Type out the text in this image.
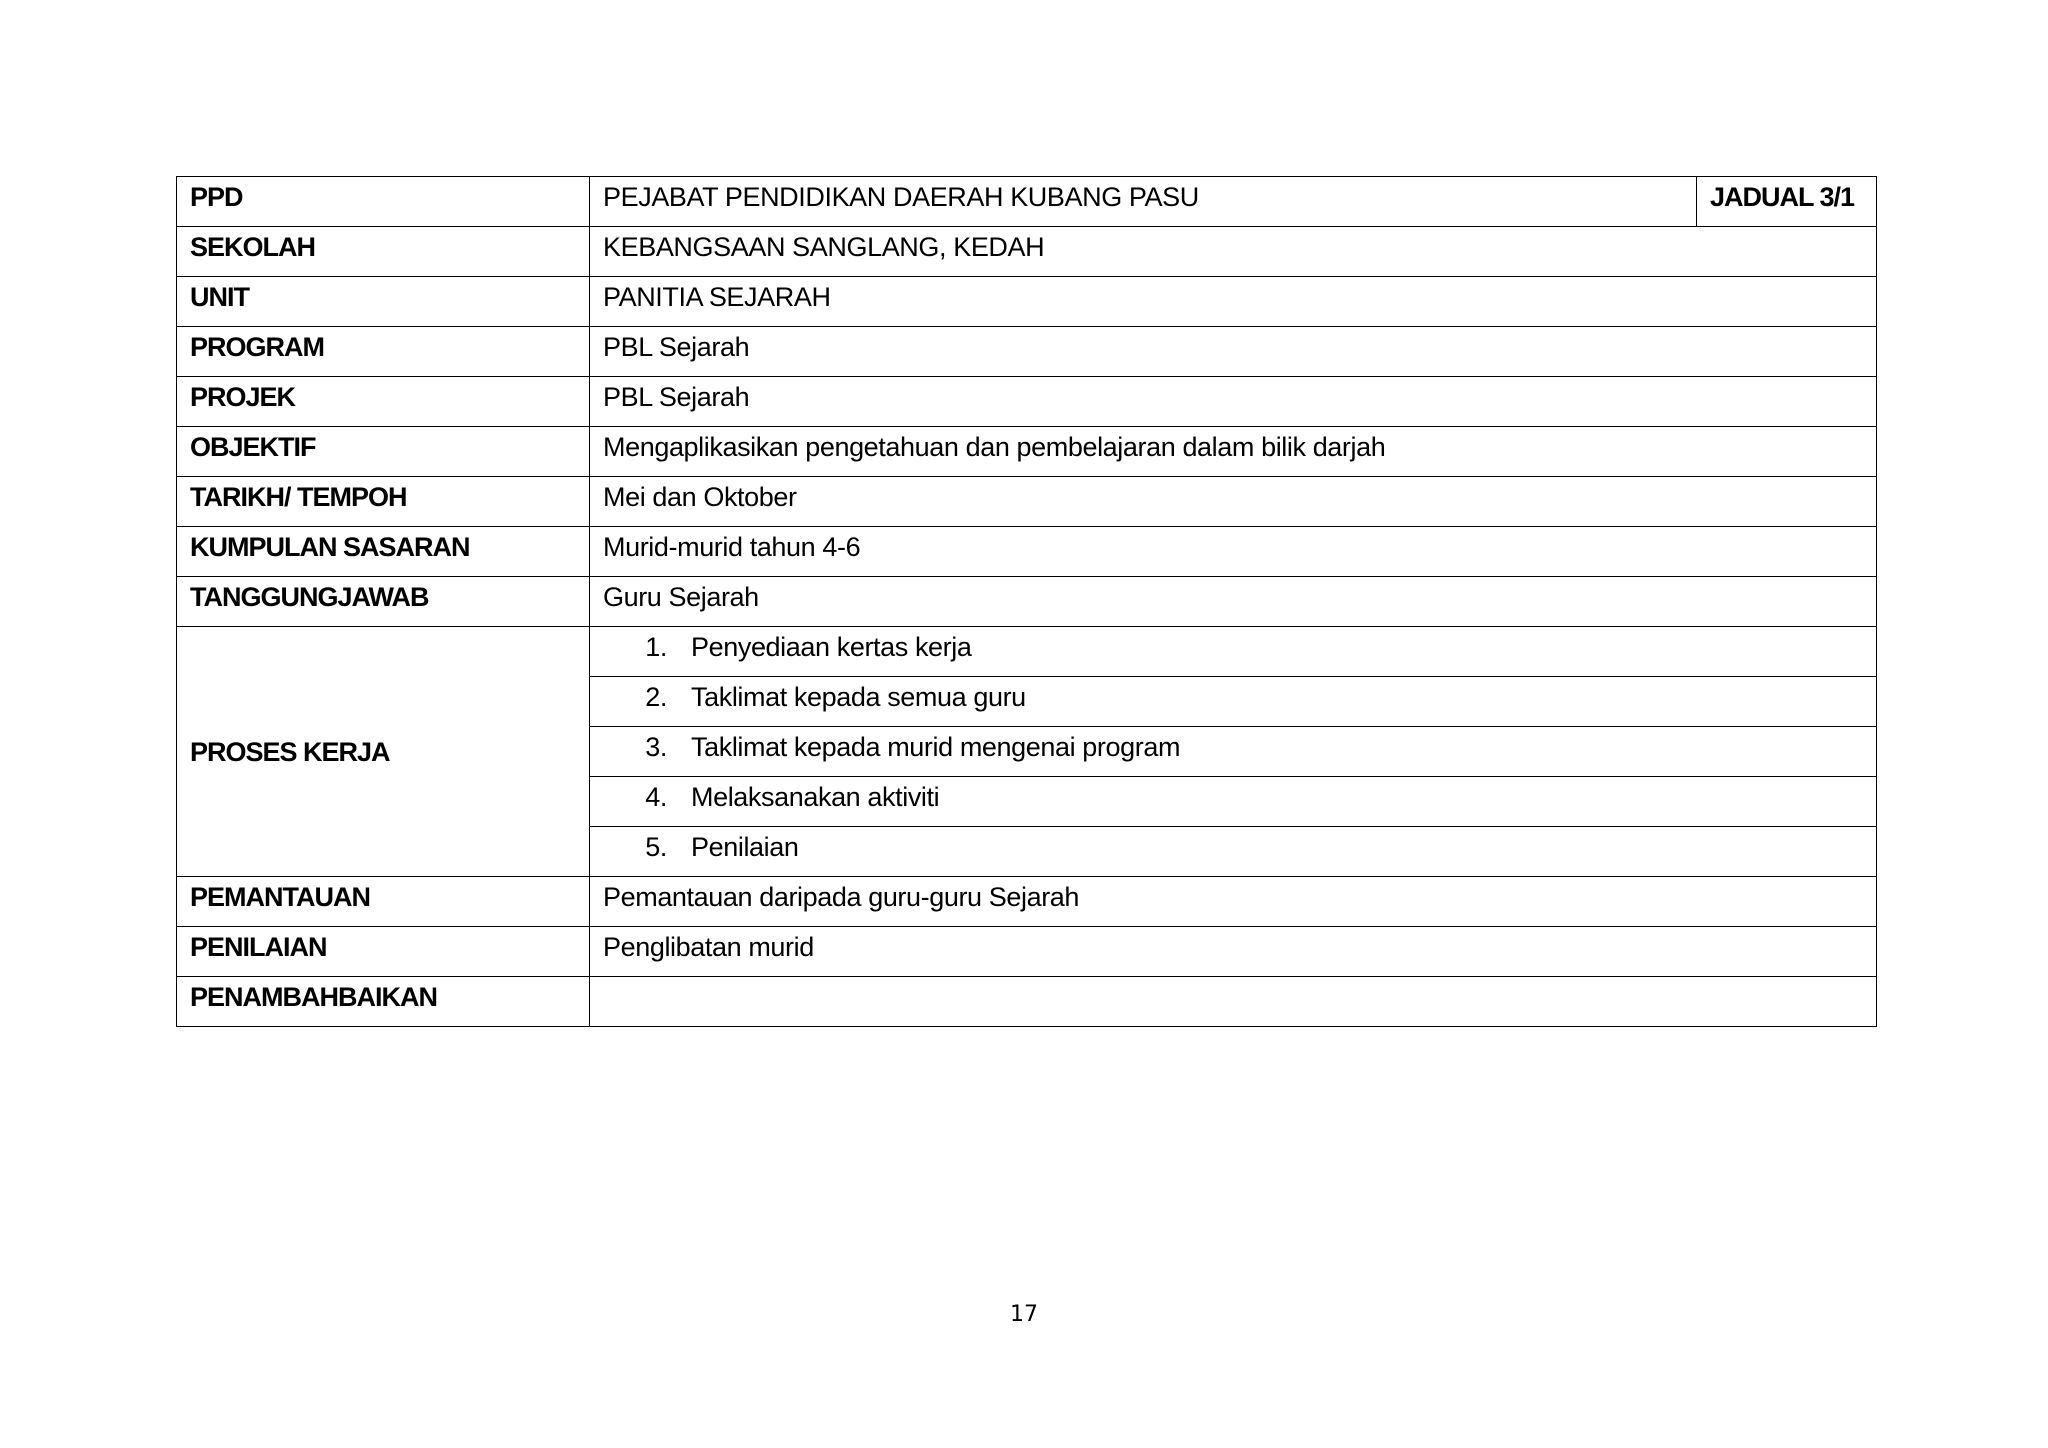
PPD	PEJABAT PENDIDIKAN DAERAH KUBANG PASU	JADUAL 3/1
SEKOLAH	KEBANGSAAN SANGLANG, KEDAH	
UNIT	PANITIA SEJARAH	
PROGRAM	PBL Sejarah	
PROJEK	PBL Sejarah	
OBJEKTIF	Mengaplikasikan pengetahuan dan pembelajaran dalam bilik darjah	
TARIKH/ TEMPOH	Mei dan Oktober	
KUMPULAN SASARAN	Murid-murid tahun 4-6	
TANGGUNGJAWAB	Guru Sejarah	
PROSES KERJA	1. Penyediaan kertas kerja	
	2. Taklimat kepada semua guru	
	3. Taklimat kepada murid mengenai program	
	4. Melaksanakan aktiviti	
	5. Penilaian	
PEMANTAUAN	Pemantauan daripada guru-guru Sejarah	
PENILAIAN	Penglibatan murid	
PENAMBAHBAIKAN		
17
